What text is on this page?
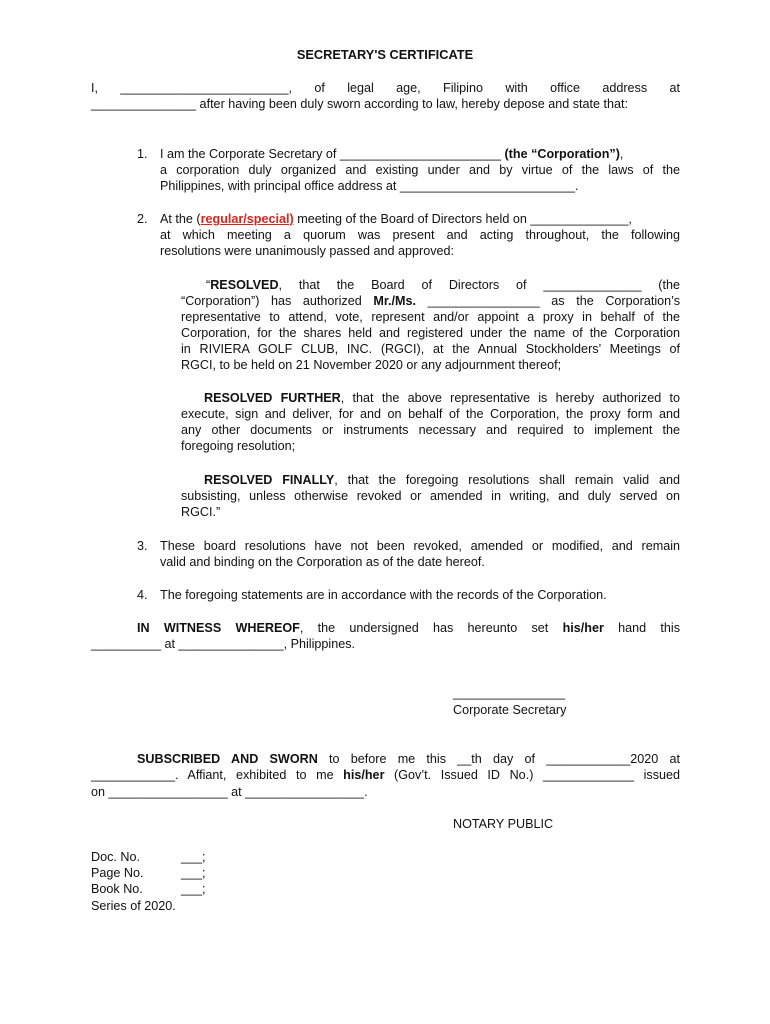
SECRETARY'S CERTIFICATE
I, ________________________, of legal age, Filipino with office address at
_______________ after having been duly sworn according to law, hereby depose and state that:
1. I am the Corporate Secretary of _______________________ (the “Corporation”),
a corporation duly organized and existing under and by virtue of the laws of the
Philippines, with principal office address at _________________________.
2. At the (regular/special) meeting of the Board of Directors held on ______________,
at which meeting a quorum was present and acting throughout, the following
resolutions were unanimously passed and approved:
“RESOLVED, that the Board of Directors of ______________ (the
“Corporation”) has authorized Mr./Ms. ________________ as the Corporation’s
representative to attend, vote, represent and/or appoint a proxy in behalf of the
Corporation, for the shares held and registered under the name of the Corporation
in RIVIERA GOLF CLUB, INC. (RGCI), at the Annual Stockholders’ Meetings of
RGCI, to be held on 21 November 2020 or any adjournment thereof;
RESOLVED FURTHER, that the above representative is hereby authorized to
execute, sign and deliver, for and on behalf of the Corporation, the proxy form and
any other documents or instruments necessary and required to implement the
foregoing resolution;
RESOLVED FINALLY, that the foregoing resolutions shall remain valid and
subsisting, unless otherwise revoked or amended in writing, and duly served on
RGCI.”
3. These board resolutions have not been revoked, amended or modified, and remain
valid and binding on the Corporation as of the date hereof.
4. The foregoing statements are in accordance with the records of the Corporation.
IN WITNESS WHEREOF, the undersigned has hereunto set his/her hand this
__________ at _______________, Philippines.
________________
Corporate Secretary
SUBSCRIBED AND SWORN to before me this __th day of ____________2020 at
____________. Affiant, exhibited to me his/her (Gov’t. Issued ID No.) _____________ issued
on _________________ at _________________.
NOTARY PUBLIC
Doc. No.	___;
Page No.	___;
Book No.	___;
Series of 2020.
